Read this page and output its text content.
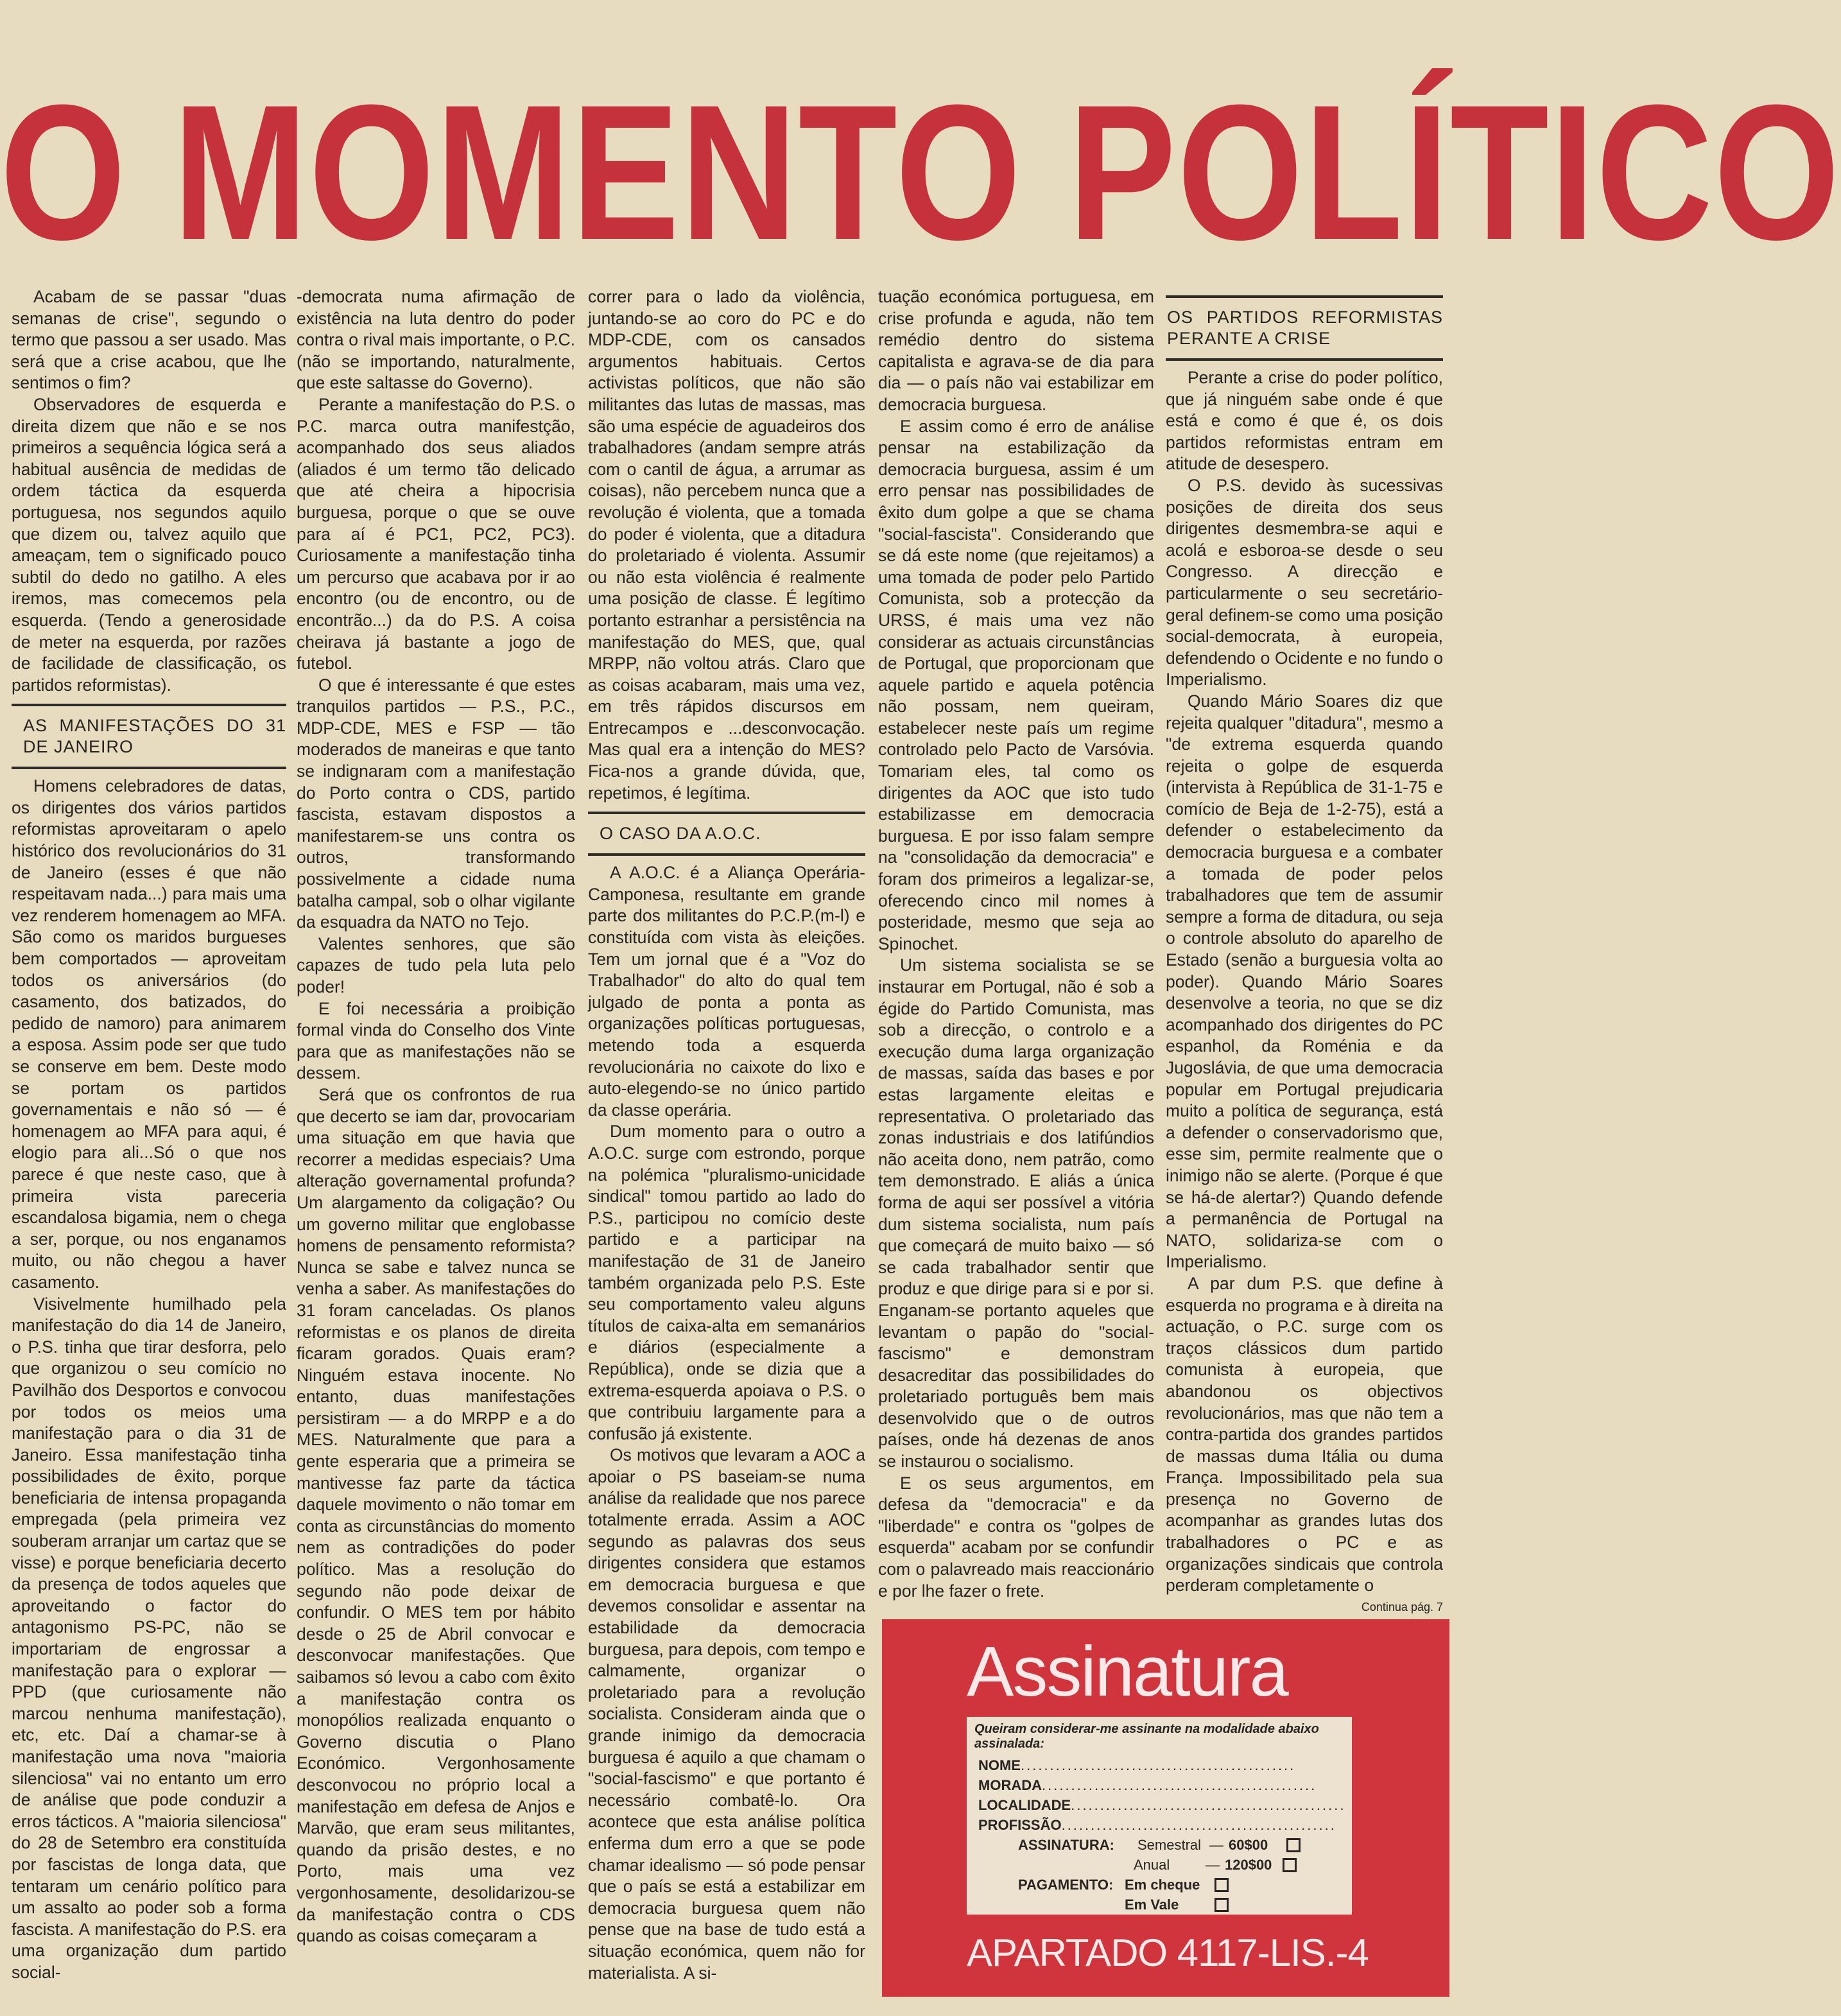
O MOMENTO POLÍTICO

Acabam de se passar "duas semanas de crise", segundo o termo que passou a ser usado. Mas será que a crise acabou, que lhe sentimos o fim?

Observadores de esquerda e direita dizem que não e se nos primeiros a sequência lógica será a habitual ausência de medidas de ordem táctica da esquerda portuguesa, nos segundos aquilo que dizem ou, talvez aquilo que ameaçam, tem o significado pouco subtil do dedo no gatilho. A eles iremos, mas comecemos pela esquerda. (Tendo a generosidade de meter na esquerda, por razões de facilidade de classificação, os partidos reformistas).

AS MANIFESTAÇÕES DO 31 DE JANEIRO

Homens celebradores de datas, os dirigentes dos vários partidos reformistas aproveitaram o apelo histórico dos revolucionários do 31 de Janeiro (esses é que não respeitavam nada...) para mais uma vez renderem homenagem ao MFA. São como os maridos burgueses bem comportados — aproveitam todos os aniversários (do casamento, dos batizados, do pedido de namoro) para animarem a esposa. Assim pode ser que tudo se conserve em bem. Deste modo se portam os partidos governamentais e não só — é homenagem ao MFA para aqui, é elogio para ali...Só o que nos parece é que neste caso, que à primeira vista pareceria escandalosa bigamia, nem o chega a ser, porque, ou nos enganamos muito, ou não chegou a haver casamento.

Visivelmente humilhado pela manifestação do dia 14 de Janeiro, o P.S. tinha que tirar desforra, pelo que organizou o seu comício no Pavilhão dos Desportos e convocou por todos os meios uma manifestação para o dia 31 de Janeiro. Essa manifestação tinha possibilidades de êxito, porque beneficiaria de intensa propaganda empregada (pela primeira vez souberam arranjar um cartaz que se visse) e porque beneficiaria decerto da presença de todos aqueles que aproveitando o factor do antagonismo PS-PC, não se importariam de engrossar a manifestação para o explorar — PPD (que curiosamente não marcou nenhuma manifestação), etc, etc. Daí a chamar-se à manifestação uma nova "maioria silenciosa" vai no entanto um erro de análise que pode conduzir a erros tácticos. A "maioria silenciosa" do 28 de Setembro era constituída por fascistas de longa data, que tentaram um cenário político para um assalto ao poder sob a forma fascista. A manifestação do P.S. era uma organização dum partido social-

-democrata numa afirmação de existência na luta dentro do poder contra o rival mais importante, o P.C. (não se importando, naturalmente, que este saltasse do Governo).

Perante a manifestação do P.S. o P.C. marca outra manifestção, acompanhado dos seus aliados (aliados é um termo tão delicado que até cheira a hipocrisia burguesa, porque o que se ouve para aí é PC1, PC2, PC3). Curiosamente a manifestação tinha um percurso que acabava por ir ao encontro (ou de encontro, ou de encontrão...) da do P.S. A coisa cheirava já bastante a jogo de futebol.

O que é interessante é que estes tranquilos partidos — P.S., P.C., MDP-CDE, MES e FSP — tão moderados de maneiras e que tanto se indignaram com a manifestação do Porto contra o CDS, partido fascista, estavam dispostos a manifestarem-se uns contra os outros, transformando possivelmente a cidade numa batalha campal, sob o olhar vigilante da esquadra da NATO no Tejo.

Valentes senhores, que são capazes de tudo pela luta pelo poder!

E foi necessária a proibição formal vinda do Conselho dos Vinte para que as manifestações não se dessem.

Será que os confrontos de rua que decerto se iam dar, provocariam uma situação em que havia que recorrer a medidas especiais? Uma alteração governamental profunda? Um alargamento da coligação? Ou um governo militar que englobasse homens de pensamento reformista? Nunca se sabe e talvez nunca se venha a saber. As manifestações do 31 foram canceladas. Os planos reformistas e os planos de direita ficaram gorados. Quais eram? Ninguém estava inocente. No entanto, duas manifestações persistiram — a do MRPP e a do MES. Naturalmente que para a gente esperaria que a primeira se mantivesse faz parte da táctica daquele movimento o não tomar em conta as circunstâncias do momento nem as contradições do poder político. Mas a resolução do segundo não pode deixar de confundir. O MES tem por hábito desde o 25 de Abril convocar e desconvocar manifestações. Que saibamos só levou a cabo com êxito a manifestação contra os monopólios realizada enquanto o Governo discutia o Plano Económico. Vergonhosamente desconvocou no próprio local a manifestação em defesa de Anjos e Marvão, que eram seus militantes, quando da prisão destes, e no Porto, mais uma vez vergonhosamente, desolidarizou-se da manifestação contra o CDS quando as coisas começaram a

correr para o lado da violência, juntando-se ao coro do PC e do MDP-CDE, com os cansados argumentos habituais. Certos activistas políticos, que não são militantes das lutas de massas, mas são uma espécie de aguadeiros dos trabalhadores (andam sempre atrás com o cantil de água, a arrumar as coisas), não percebem nunca que a revolução é violenta, que a tomada do poder é violenta, que a ditadura do proletariado é violenta. Assumir ou não esta violência é realmente uma posição de classe. É legítimo portanto estranhar a persistência na manifestação do MES, que, qual MRPP, não voltou atrás. Claro que as coisas acabaram, mais uma vez, em três rápidos discursos em Entrecampos e ...desconvocação. Mas qual era a intenção do MES? Fica-nos a grande dúvida, que, repetimos, é legítima.

O CASO DA A.O.C.

A A.O.C. é a Aliança Operária-Camponesa, resultante em grande parte dos militantes do P.C.P.(m-l) e constituída com vista às eleições. Tem um jornal que é a "Voz do Trabalhador" do alto do qual tem julgado de ponta a ponta as organizações políticas portuguesas, metendo toda a esquerda revolucionária no caixote do lixo e auto-elegendo-se no único partido da classe operária.

Dum momento para o outro a A.O.C. surge com estrondo, porque na polémica "pluralismo-unicidade sindical" tomou partido ao lado do P.S., participou no comício deste partido e a participar na manifestação de 31 de Janeiro também organizada pelo P.S. Este seu comportamento valeu alguns títulos de caixa-alta em semanários e diários (especialmente a República), onde se dizia que a extrema-esquerda apoiava o P.S. o que contribuiu largamente para a confusão já existente.

Os motivos que levaram a AOC a apoiar o PS baseiam-se numa análise da realidade que nos parece totalmente errada. Assim a AOC segundo as palavras dos seus dirigentes considera que estamos em democracia burguesa e que devemos consolidar e assentar na estabilidade da democracia burguesa, para depois, com tempo e calmamente, organizar o proletariado para a revolução socialista. Consideram ainda que o grande inimigo da democracia burguesa é aquilo a que chamam o "social-fascismo" e que portanto é necessário combatê-lo. Ora acontece que esta análise política enferma dum erro a que se pode chamar idealismo — só pode pensar que o país se está a estabilizar em democracia burguesa quem não pense que na base de tudo está a situação económica, quem não for materialista. A si-

tuação económica portuguesa, em crise profunda e aguda, não tem remédio dentro do sistema capitalista e agrava-se de dia para dia — o país não vai estabilizar em democracia burguesa.

E assim como é erro de análise pensar na estabilização da democracia burguesa, assim é um erro pensar nas possibilidades de êxito dum golpe a que se chama "social-fascista". Considerando que se dá este nome (que rejeitamos) a uma tomada de poder pelo Partido Comunista, sob a protecção da URSS, é mais uma vez não considerar as actuais circunstâncias de Portugal, que proporcionam que aquele partido e aquela potência não possam, nem queiram, estabelecer neste país um regime controlado pelo Pacto de Varsóvia. Tomariam eles, tal como os dirigentes da AOC que isto tudo estabilizasse em democracia burguesa. E por isso falam sempre na "consolidação da democracia" e foram dos primeiros a legalizar-se, oferecendo cinco mil nomes à posteridade, mesmo que seja ao Spinochet.

Um sistema socialista se se instaurar em Portugal, não é sob a égide do Partido Comunista, mas sob a direcção, o controlo e a execução duma larga organização de massas, saída das bases e por estas largamente eleitas e representativa. O proletariado das zonas industriais e dos latifúndios não aceita dono, nem patrão, como tem demonstrado. E aliás a única forma de aqui ser possível a vitória dum sistema socialista, num país que começará de muito baixo — só se cada trabalhador sentir que produz e que dirige para si e por si. Enganam-se portanto aqueles que levantam o papão do "social-fascismo" e demonstram desacreditar das possibilidades do proletariado português bem mais desenvolvido que o de outros países, onde há dezenas de anos se instaurou o socialismo.

E os seus argumentos, em defesa da "democracia" e da "liberdade" e contra os "golpes de esquerda" acabam por se confundir com o palavreado mais reaccionário e por lhe fazer o frete.

OS PARTIDOS REFORMISTAS PERANTE A CRISE

Perante a crise do poder político, que já ninguém sabe onde é que está e como é que é, os dois partidos reformistas entram em atitude de desespero.

O P.S. devido às sucessivas posições de direita dos seus dirigentes desmembra-se aqui e acolá e esboroa-se desde o seu Congresso. A direcção e particularmente o seu secretário-geral definem-se como uma posição social-democrata, à europeia, defendendo o Ocidente e no fundo o Imperialismo.

Quando Mário Soares diz que rejeita qualquer "ditadura", mesmo a "de extrema esquerda quando rejeita o golpe de esquerda (intervista à República de 31-1-75 e comício de Beja de 1-2-75), está a defender o estabelecimento da democracia burguesa e a combater a tomada de poder pelos trabalhadores que tem de assumir sempre a forma de ditadura, ou seja o controle absoluto do aparelho de Estado (senão a burguesia volta ao poder). Quando Mário Soares desenvolve a teoria, no que se diz acompanhado dos dirigentes do PC espanhol, da Roménia e da Jugoslávia, de que uma democracia popular em Portugal prejudicaria muito a política de segurança, está a defender o conservadorismo que, esse sim, permite realmente que o inimigo não se alerte. (Porque é que se há-de alertar?) Quando defende a permanência de Portugal na NATO, solidariza-se com o Imperialismo.

A par dum P.S. que define à esquerda no programa e à direita na actuação, o P.C. surge com os traços clássicos dum partido comunista à europeia, que abandonou os objectivos revolucionários, mas que não tem a contra-partida dos grandes partidos de massas duma Itália ou duma França. Impossibilitado pela sua presença no Governo de acompanhar as grandes lutas dos trabalhadores o PC e as organizações sindicais que controla perderam completamente o

Continua pág. 7
Assinatura
Queiram considerar-me assinante na modalidade abaixo assinalada:
NOME...............................................
MORADA...............................................
LOCALIDADE...............................................
PROFISSÃO...............................................
ASSINATURA:	Semestral — 60$00
Anual	— 120$00
PAGAMENTO: Em cheque
Em Vale
APARTADO 4117-LIS.-4
